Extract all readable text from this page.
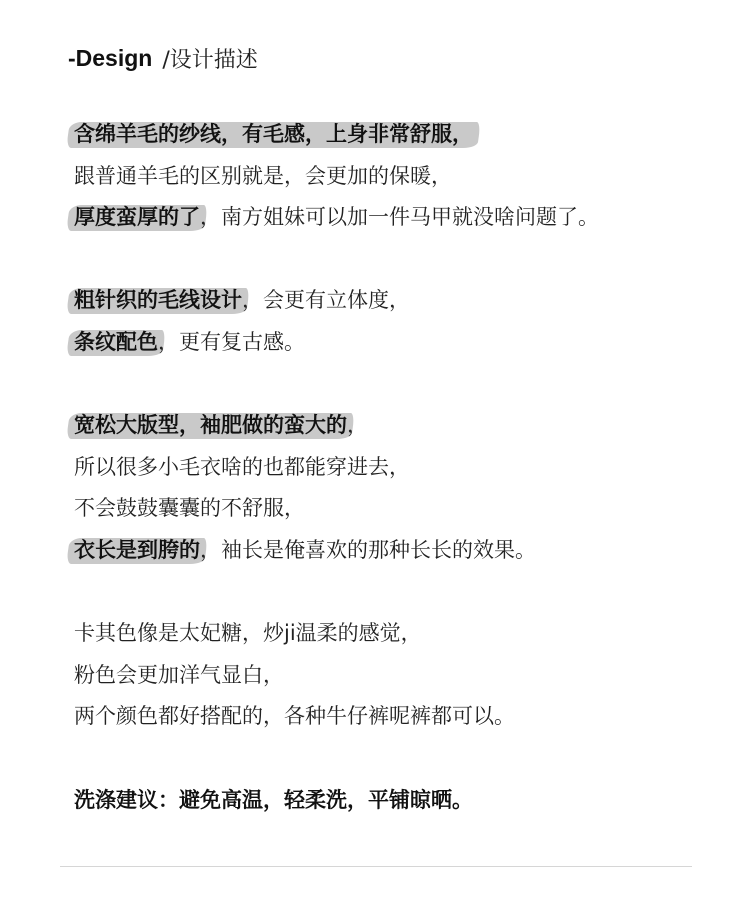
-Design /设计描述
含绵羊毛的纱线，有毛感，上身非常舒服，
跟普通羊毛的区别就是，会更加的保暖，
厚度蛮厚的了，南方姐妹可以加一件马甲就没啥问题了。
粗针织的毛线设计，会更有立体度，
条纹配色，更有复古感。
宽松大版型，袖肥做的蛮大的，
所以很多小毛衣啥的也都能穿进去，
不会鼓鼓囊囊的不舒服，
衣长是到胯的，袖长是俺喜欢的那种长长的效果。
卡其色像是太妃糖，炒ji温柔的感觉，
粉色会更加洋气显白，
两个颜色都好搭配的，各种牛仔裤呢裤都可以。
洗涤建议：避免高温，轻柔洗，平铺晾晒。
